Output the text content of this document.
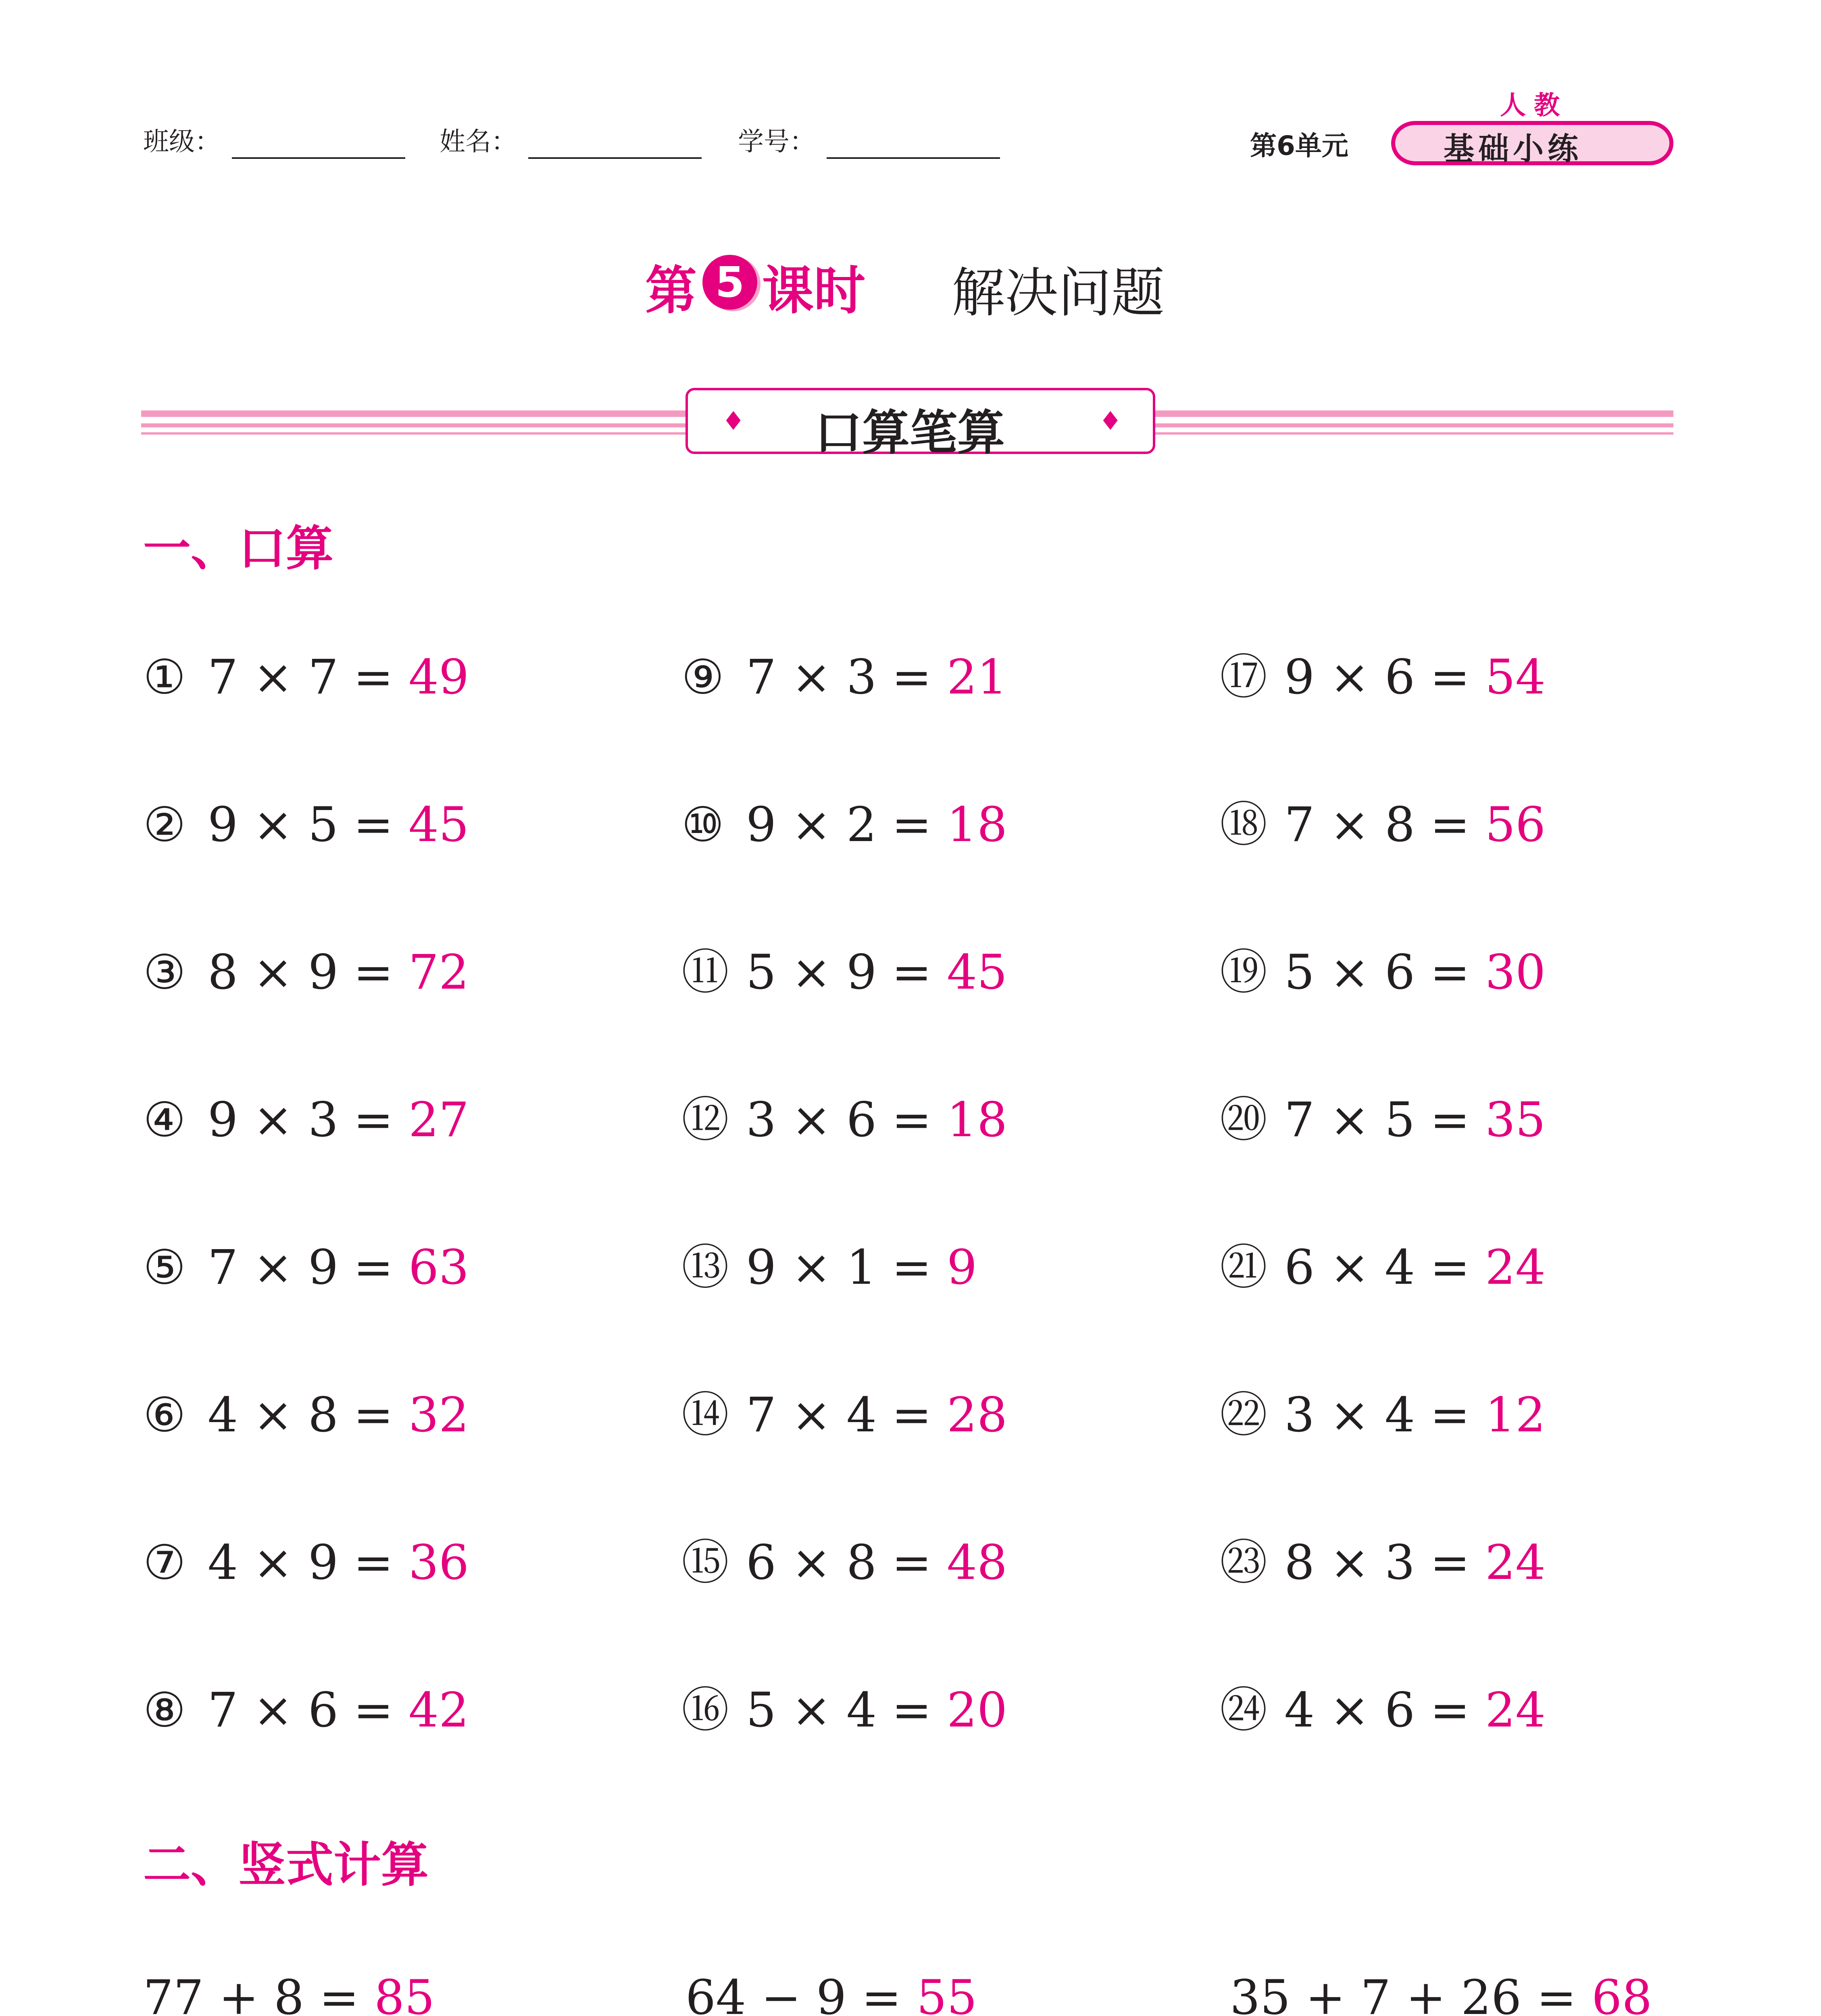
班级：	姓名：	学号：	第6单元
人教
基础小练
第 5 课时 解决问题
♦ 口算笔算	♦
一、口算
① 7 × 7 = 49
② 9 × 5 = 45
③ 8 × 9 = 72
④ 9 × 3 = 27
⑤ 7 × 9 = 63
⑥ 4 × 8 = 32
⑦ 4 × 9 = 36
⑧ 7 × 6 = 42
⑨ 7 × 3 = 21
⑩ 9 × 2 = 18
⑪ 5 × 9 = 45
⑫ 3 × 6 = 18
⑬ 9 × 1 = 9
⑭ 7 × 4 = 28
⑮ 6 × 8 = 48
⑯ 5 × 4 = 20
⑰ 9 × 6 = 54
⑱ 7 × 8 = 56
⑲ 5 × 6 = 30
⑳ 7 × 5 = 35
㉑ 6 × 4 = 24
㉒ 3 × 4 = 12
㉓ 8 × 3 = 24
㉔ 4 × 6 = 24
二、竖式计算
77 + 8 = 85	64 − 9 = 55	35 + 7 + 26 = 68
